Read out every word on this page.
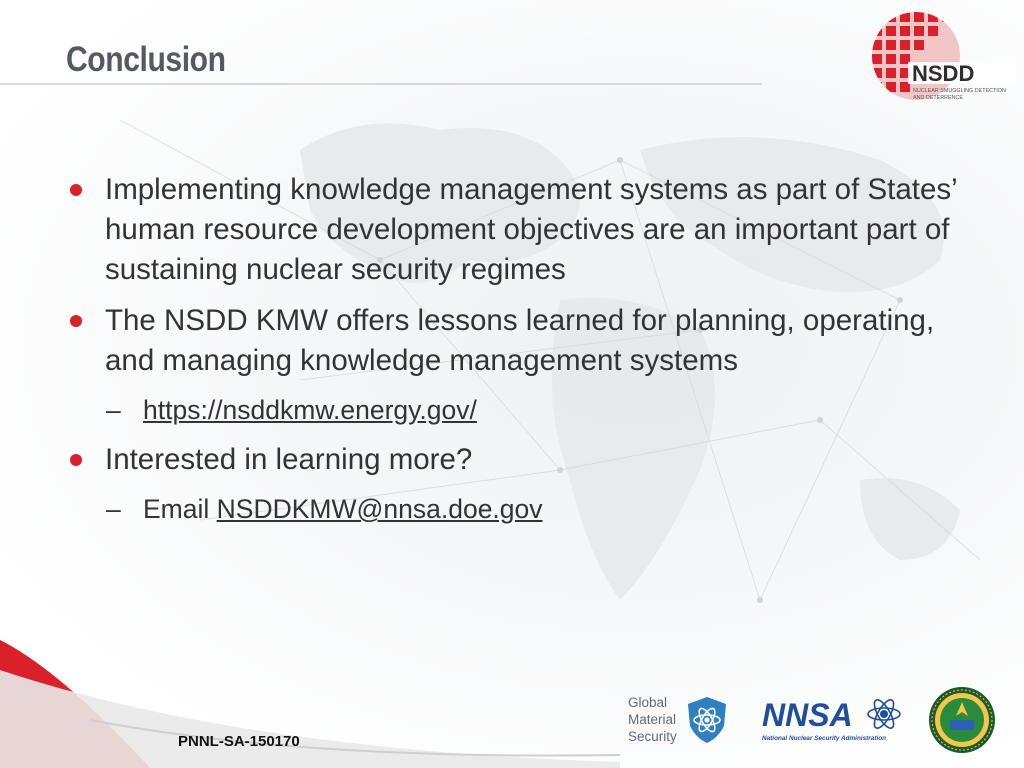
Conclusion	NSDD
NUCLEAR SMUGGLING DETECTION
AND DETERRENCE
Implementing knowledge management systems as part of States’ human resource development objectives are an important part of sustaining nuclear security regimes
The NSDD KMW offers lessons learned for planning, operating, and managing knowledge management systems
– https://nsddkmw.energy.gov/
Interested in learning more?
– Email NSDDKMW@nnsa.doe.gov
PNNL-SA-150170
Global
Material
Security
NNSA
National Nuclear Security Administration
